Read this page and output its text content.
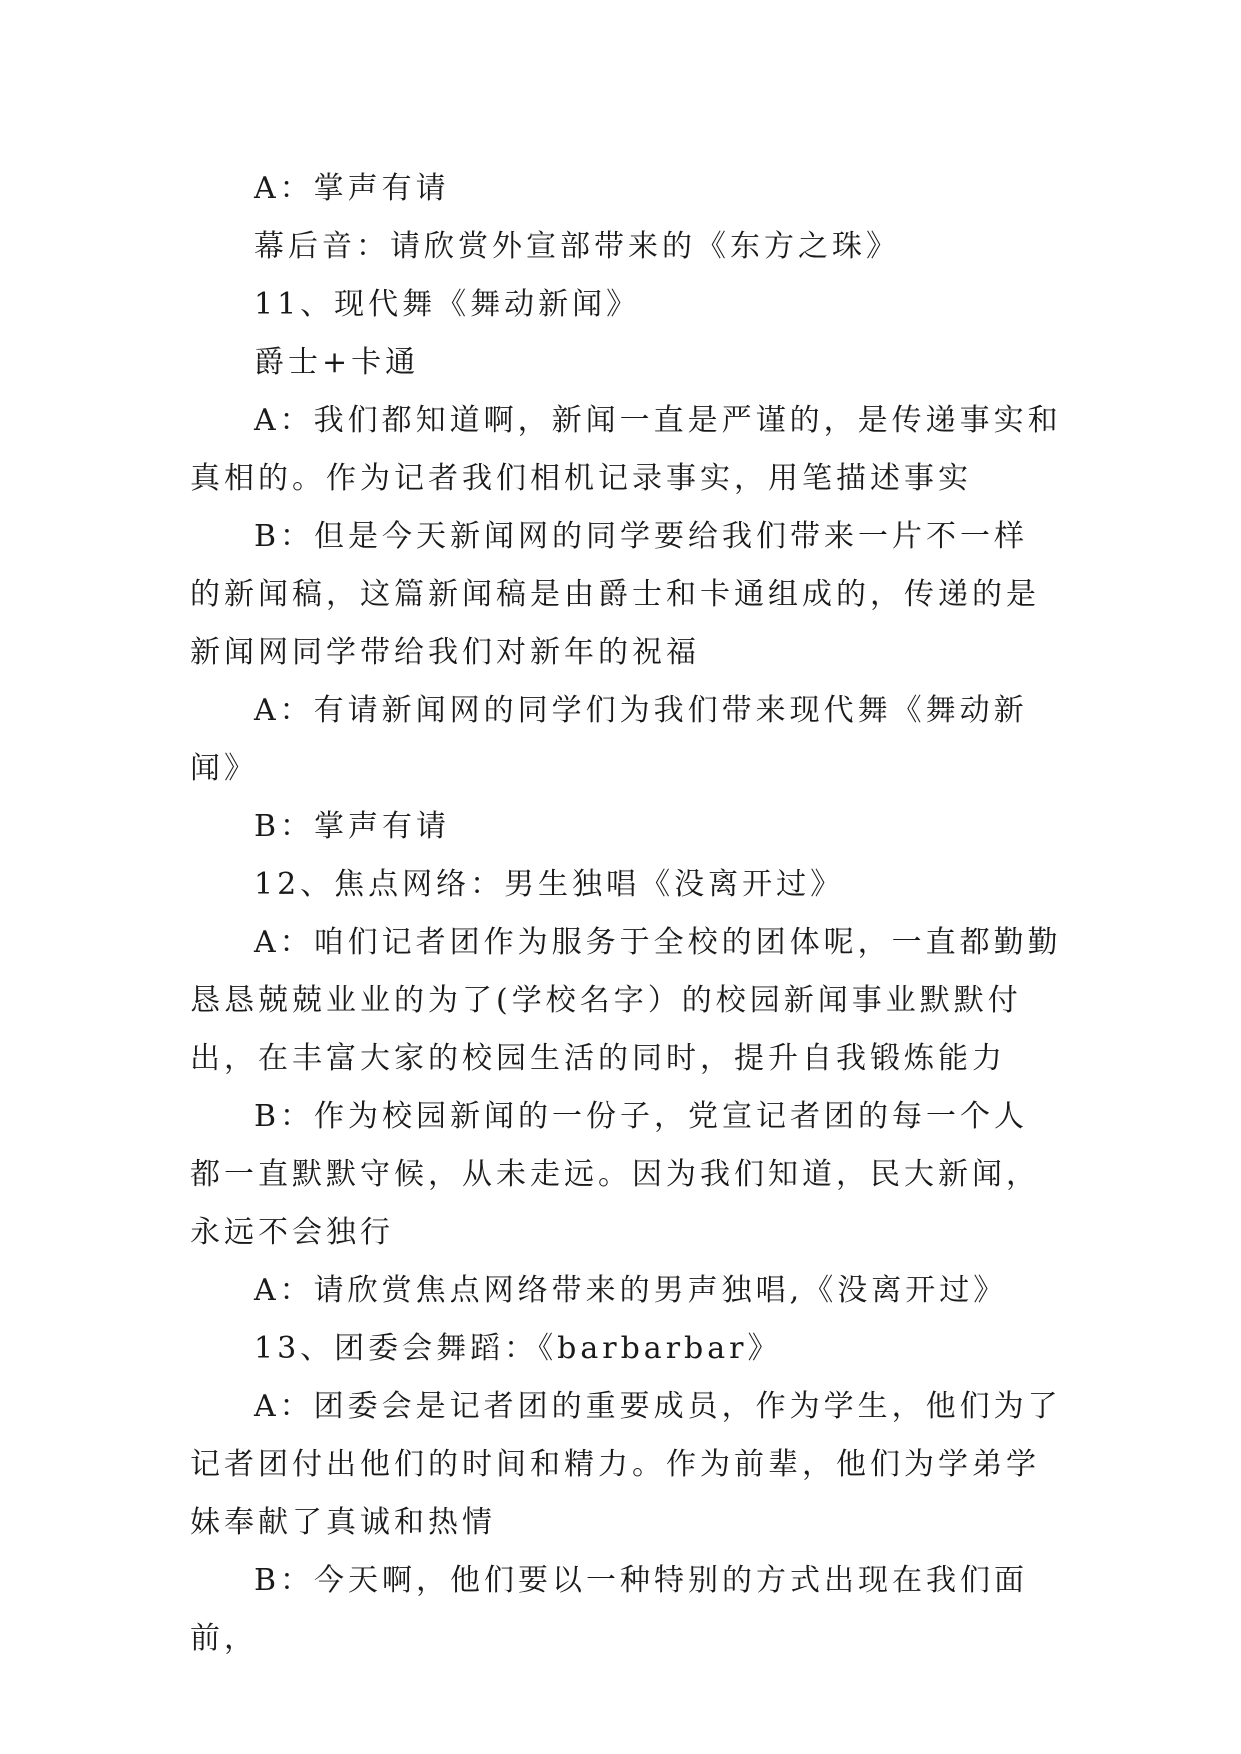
A：掌声有请

幕后音：请欣赏外宣部带来的《东方之珠》

11、现代舞《舞动新闻》

爵士+卡通

A：我们都知道啊，新闻一直是严谨的，是传递事实和真相的。作为记者我们相机记录事实，用笔描述事实

B：但是今天新闻网的同学要给我们带来一片不一样的新闻稿，这篇新闻稿是由爵士和卡通组成的，传递的是新闻网同学带给我们对新年的祝福

A：有请新闻网的同学们为我们带来现代舞《舞动新闻》

B：掌声有请

12、焦点网络：男生独唱《没离开过》

A：咱们记者团作为服务于全校的团体呢，一直都勤勤恳恳兢兢业业的为了(学校名字）的校园新闻事业默默付出，在丰富大家的校园生活的同时，提升自我锻炼能力

B：作为校园新闻的一份子，党宣记者团的每一个人都一直默默守候，从未走远。因为我们知道，民大新闻，永远不会独行

A：请欣赏焦点网络带来的男声独唱,《没离开过》

13、团委会舞蹈：《barbarbar》

A：团委会是记者团的重要成员，作为学生，他们为了记者团付出他们的时间和精力。作为前辈，他们为学弟学妹奉献了真诚和热情

B：今天啊，他们要以一种特别的方式出现在我们面前，
